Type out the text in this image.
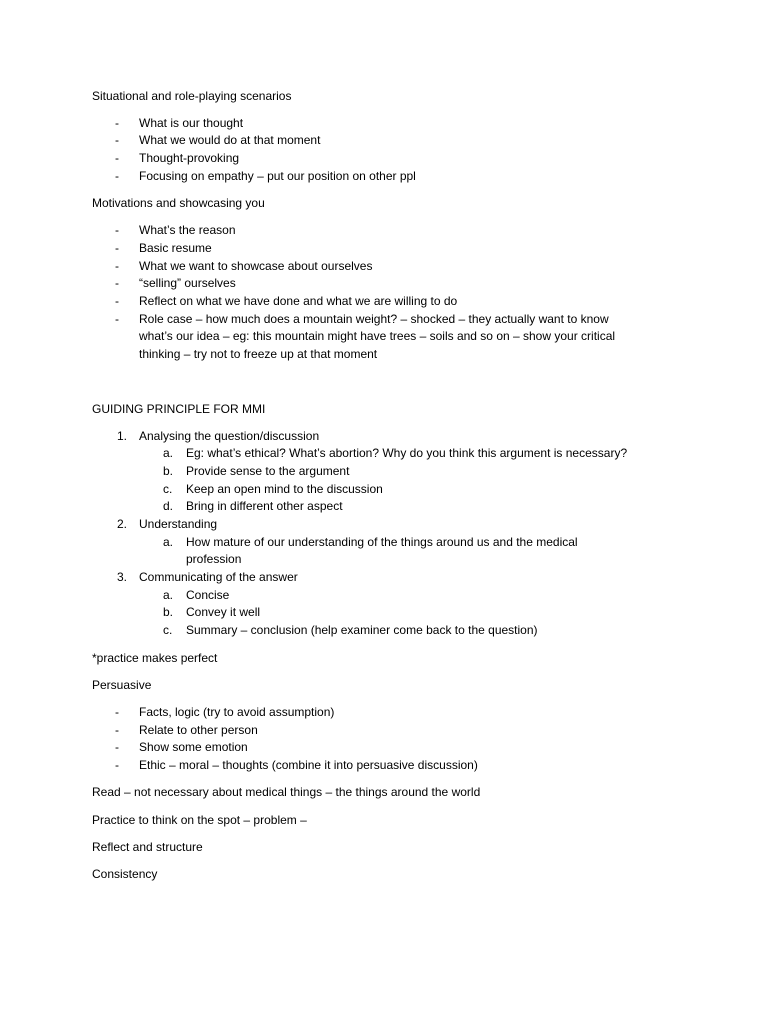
Situational and role-playing scenarios
-	What is our thought
-	What we would do at that moment
-	Thought-provoking
-	Focusing on empathy – put our position on other ppl
Motivations and showcasing you
-	What’s the reason
-	Basic resume
-	What we want to showcase about ourselves
-	“selling” ourselves
-	Reflect on what we have done and what we are willing to do
-	Role case – how much does a mountain weight? – shocked – they actually want to know
what’s our idea – eg: this mountain might have trees – soils and so on – show your critical
thinking – try not to freeze up at that moment
GUIDING PRINCIPLE FOR MMI
1. Analysing the question/discussion
a. Eg: what’s ethical? What’s abortion? Why do you think this argument is necessary?
b. Provide sense to the argument
c. Keep an open mind to the discussion
d. Bring in different other aspect
2. Understanding
a. How mature of our understanding of the things around us and the medical
profession
3. Communicating of the answer
a. Concise
b. Convey it well
c. Summary – conclusion (help examiner come back to the question)
*practice makes perfect
Persuasive
-	Facts, logic (try to avoid assumption)
-	Relate to other person
-	Show some emotion
-	Ethic – moral – thoughts (combine it into persuasive discussion)
Read – not necessary about medical things – the things around the world
Practice to think on the spot – problem –
Reflect and structure
Consistency
